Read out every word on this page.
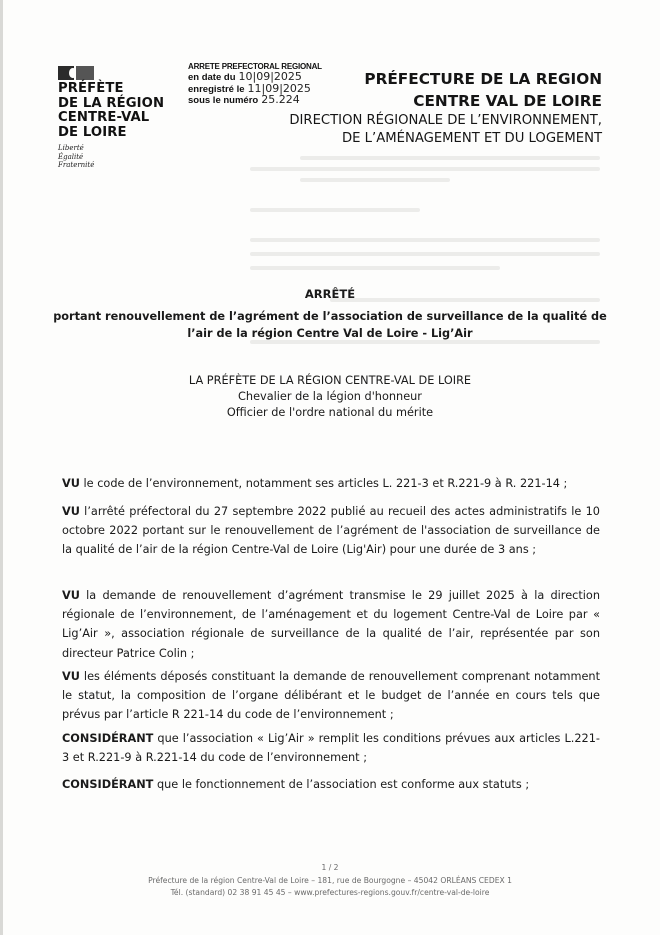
PRÉFÈTE
DE LA RÉGION
CENTRE-VAL
DE LOIRE
Liberté
Égalité
Fraternité
ARRETE PREFECTORAL REGIONAL
en date du 10|09|2025
enregistré le 11|09|2025
sous le numéro 25.224
PRÉFECTURE DE LA REGION
CENTRE VAL DE LOIRE
DIRECTION RÉGIONALE DE L’ENVIRONNEMENT,
DE L’AMÉNAGEMENT ET DU LOGEMENT
ARRÊTÉ
portant renouvellement de l’agrément de l’association de surveillance de la qualité de
l’air de la région Centre Val de Loire - Lig’Air
LA PRÉFÈTE DE LA RÉGION CENTRE-VAL DE LOIRE
Chevalier de la légion d'honneur
Officier de l'ordre national du mérite
VU le code de l’environnement, notamment ses articles L. 221-3 et R.221-9 à R. 221-14 ;
VU l’arrêté préfectoral du 27 septembre 2022 publié au recueil des actes administratifs le 10 octobre 2022 portant sur le renouvellement de l’agrément de l'association de surveillance de la qualité de l’air de la région Centre-Val de Loire (Lig'Air) pour une durée de 3 ans ;
VU la demande de renouvellement d’agrément transmise le 29 juillet 2025 à la direction régionale de l’environnement, de l’aménagement et du logement Centre-Val de Loire par « Lig’Air », association régionale de surveillance de la qualité de l’air, représentée par son directeur Patrice Colin ;
VU les éléments déposés constituant la demande de renouvellement comprenant notamment le statut, la composition de l’organe délibérant et le budget de l’année en cours tels que prévus par l’article R 221-14 du code de l’environnement ;
CONSIDÉRANT que l’association « Lig’Air » remplit les conditions prévues aux articles L.221-3 et R.221-9 à R.221-14 du code de l’environnement ;
CONSIDÉRANT que le fonctionnement de l’association est conforme aux statuts ;
1 / 2
Préfecture de la région Centre-Val de Loire – 181, rue de Bourgogne – 45042 ORLÉANS CEDEX 1
Tél. (standard) 02 38 91 45 45 – www.prefectures-regions.gouv.fr/centre-val-de-loire
